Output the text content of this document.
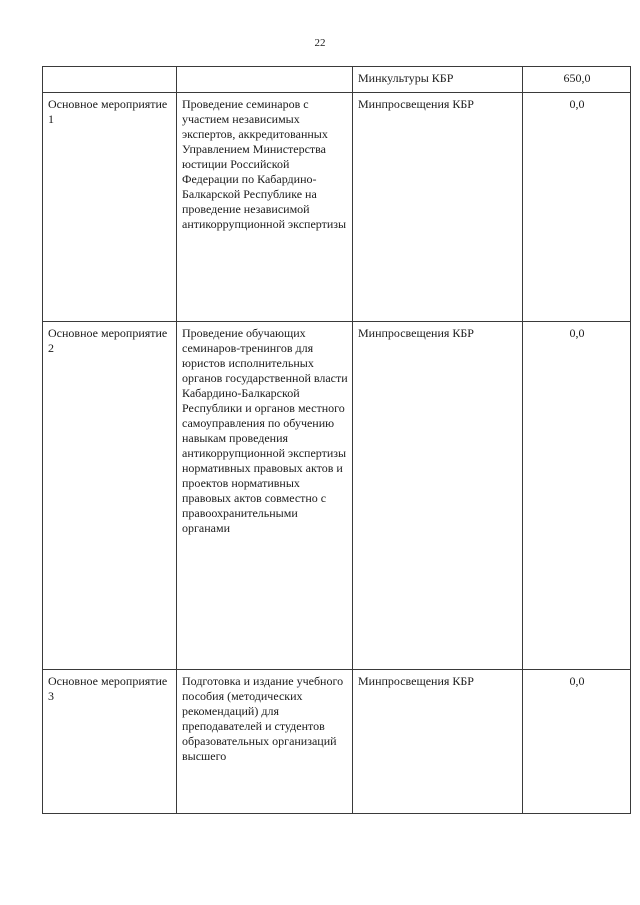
22
		Минкультуры КБР	650,0
Основное мероприятие 1	Проведение семинаров с участием независимых экспертов, аккредитованных Управлением Министерства юстиции Российской Федерации по Кабардино-Балкарской Республике на проведение независимой антикоррупционной экспертизы	Минпросвещения КБР	0,0
Основное мероприятие 2	Проведение обучающих семинаров-тренингов для юристов исполнительных органов государственной власти Кабардино-Балкарской Республики и органов местного самоуправления по обучению навыкам проведения антикоррупционной экспертизы нормативных правовых актов и проектов нормативных правовых актов совместно с правоохранительными органами	Минпросвещения КБР	0,0
Основное мероприятие 3	Подготовка и издание учебного пособия (методических рекомендаций) для преподавателей и студентов образовательных организаций высшего	Минпросвещения КБР	0,0
